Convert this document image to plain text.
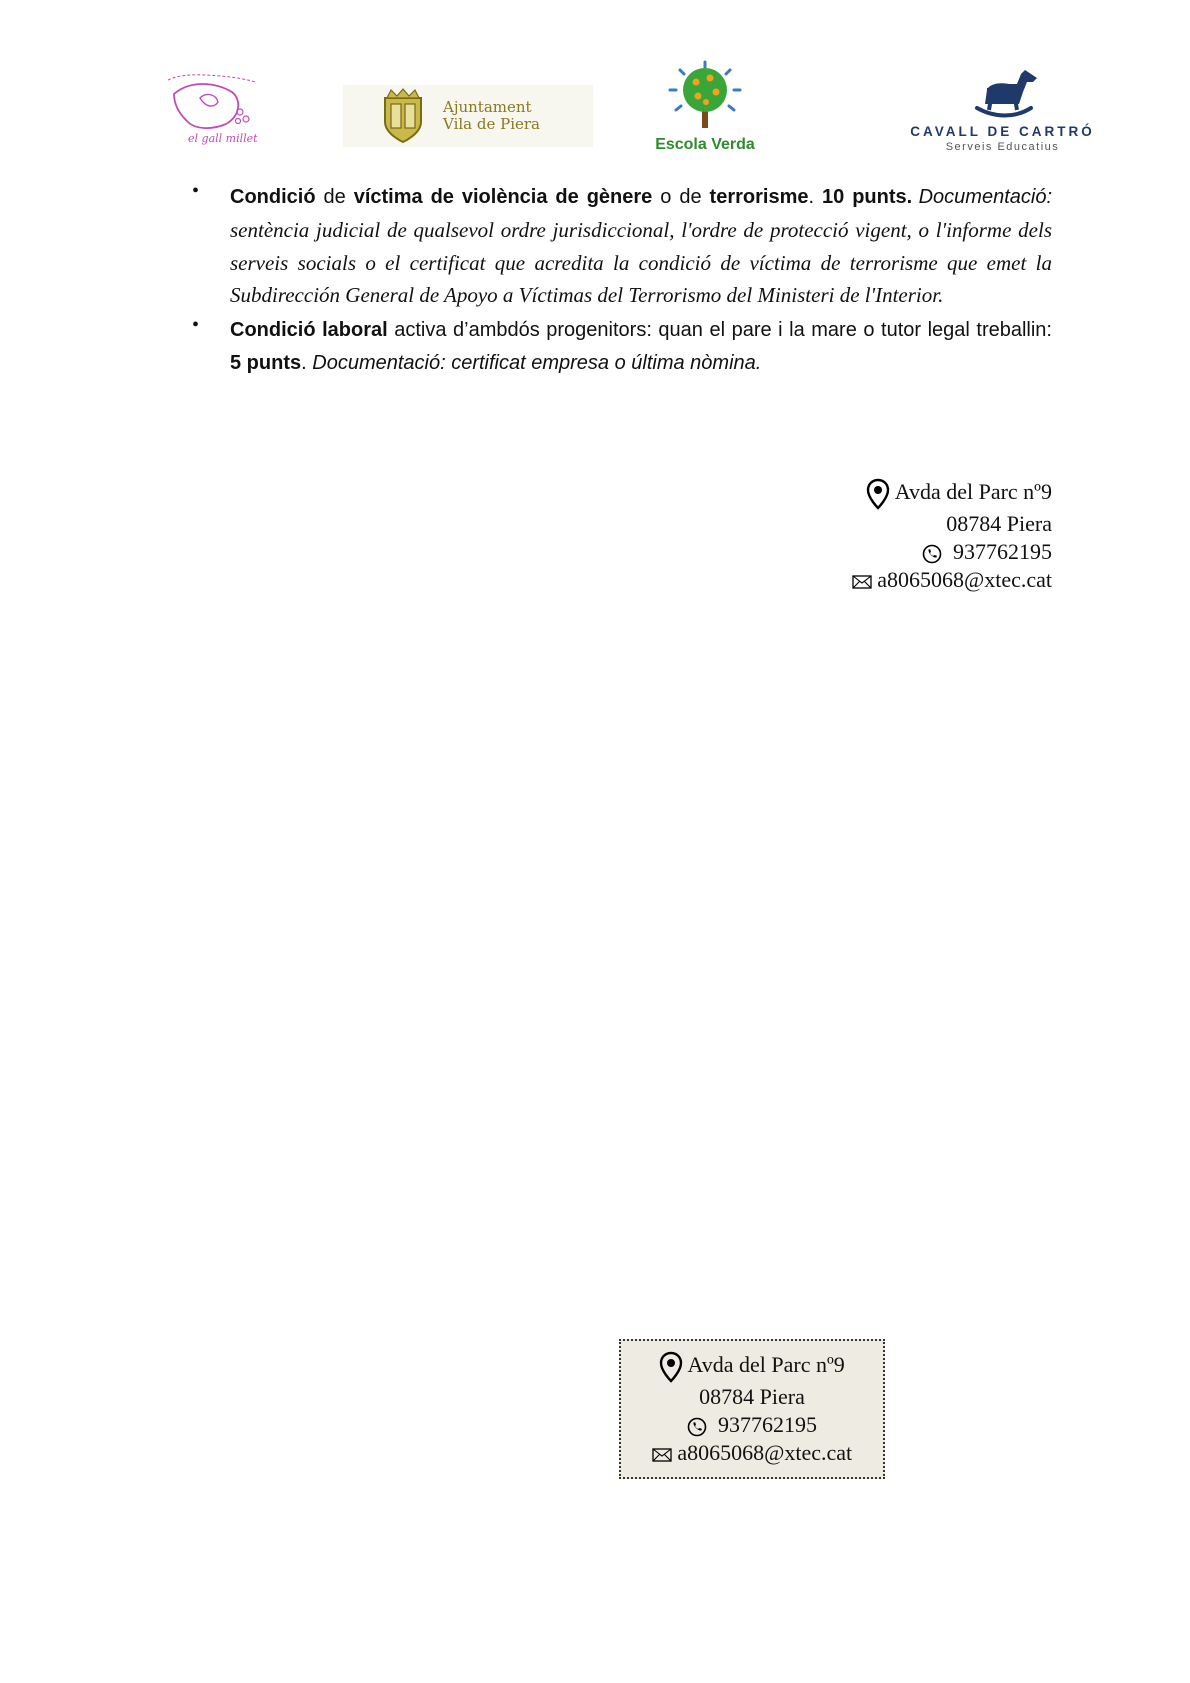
el gall millet
Ajuntament
Vila de Piera
Escola Verda
CAVALL DE CARTRÓ
Serveis Educatius
• Condició de víctima de violència de gènere o de terrorisme. 10 punts. Documentació: sentència judicial de qualsevol ordre jurisdiccional, l'ordre de protecció vigent, o l'informe dels serveis socials o el certificat que acredita la condició de víctima de terrorisme que emet la Subdirección General de Apoyo a Víctimas del Terrorismo del Ministeri de l'Interior.
• Condició laboral activa d’ambdós progenitors: quan el pare i la mare o tutor legal treballin: 5 punts. Documentació: certificat empresa o última nòmina.
Avda del Parc nº9
08784 Piera
937762195
a8065068@xtec.cat
Avda del Parc nº9
08784 Piera
937762195
a8065068@xtec.cat
